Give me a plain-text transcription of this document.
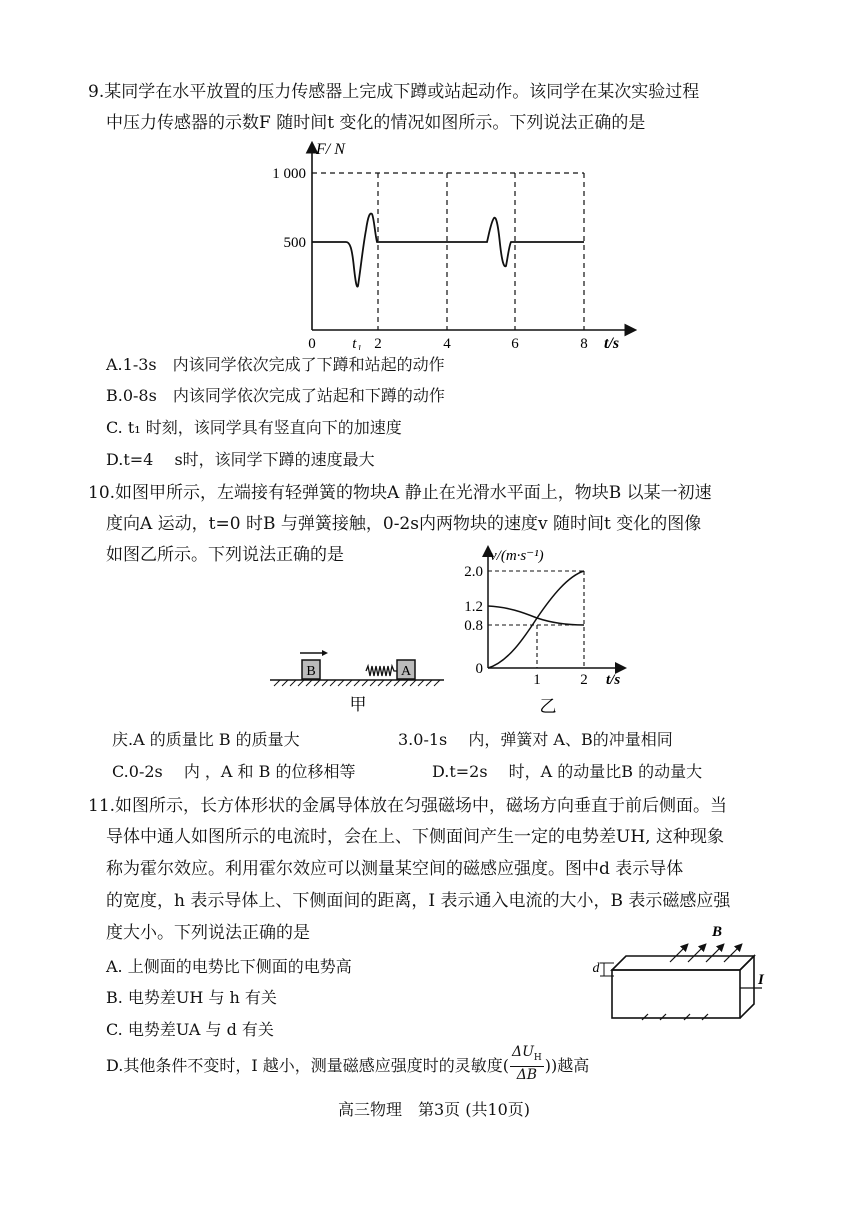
9.某同学在水平放置的压力传感器上完成下蹲或站起动作。该同学在某次实验过程
中压力传感器的示数F 随时间t 变化的情况如图所示。下列说法正确的是
F/ N
1 000
500
0 t₁ 2	4	6	8 t/s
A.1-3s　内该同学依次完成了下蹲和站起的动作
B.0-8s　内该同学依次完成了站起和下蹲的动作
C. t₁ 时刻，该同学具有竖直向下的加速度
D.t=4　 s时，该同学下蹲的速度最大
10.如图甲所示，左端接有轻弹簧的物块A 静止在光滑水平面上，物块B 以某一初速
度向A 运动，t=0 时B 与弹簧接触，0-2s内两物块的速度v 随时间t 变化的图像
如图乙所示。下列说法正确的是
B	A
甲
v/(m·s⁻¹)
2.0
1.2
0.8
0
1	2 t/s
乙
庆.A 的质量比 B 的质量大	3.0-1s　 内，弹簧对 A、B的冲量相同
C.0-2s　 内 ，A 和 B 的位移相等	D.t=2s　 时，A 的动量比B 的动量大
11.如图所示，长方体形状的金属导体放在匀强磁场中，磁场方向垂直于前后侧面。当
导体中通人如图所示的电流时，会在上、下侧面间产生一定的电势差UH, 这种现象
称为霍尔效应。利用霍尔效应可以测量某空间的磁感应强度。图中d 表示导体
的宽度，h 表示导体上、下侧面间的距离，I 表示通入电流的大小，B 表示磁感应强
度大小。下列说法正确的是
d
B
I
A. 上侧面的电势比下侧面的电势高
B. 电势差UH 与 h 有关
C. 电势差UA 与 d 有关
D.其他条件不变时，I 越小，测量磁感应强度时的灵敏度(
$\Delta U_H$
ΔB
))越高
高三物理　第3页 (共10页)
